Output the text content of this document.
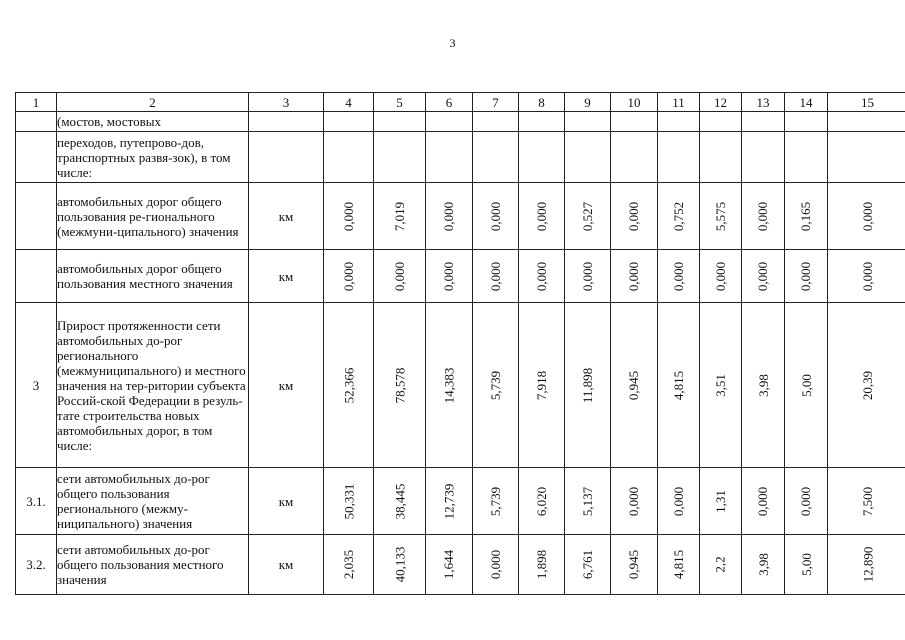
3
1	2	3	4	5	6	7	8	9	10	11	12	13	14	15
	(мостов, мостовых													
	переходов, путепрово-дов, транспортных развя-зок), в том числе:													
	автомобильных дорог общего пользования ре-гионального (межмуни-ципального) значения	км	0,000	7,019	0,000	0,000	0,000	0,527	0,000	0,752	5,575	0,000	0,165	0,000
	автомобильных дорог общего пользования местного значения	км	0,000	0,000	0,000	0,000	0,000	0,000	0,000	0,000	0,000	0,000	0,000	0,000
3	Прирост протяженности сети автомобильных до-рог регионального (межмуниципального) и местного значения на тер-ритории субъекта Россий-ской Федерации в резуль-тате строительства новых автомобильных дорог, в том числе:	км	52,366	78,578	14,383	5,739	7,918	11,898	0,945	4,815	3,51	3,98	5,00	20,39
3.1.	сети автомобильных до-рог общего пользования регионального (межму-ниципального) значения	км	50,331	38,445	12,739	5,739	6,020	5,137	0,000	0,000	1,31	0,000	0,000	7,500
3.2.	сети автомобильных до-рог общего пользования местного значения	км	2,035	40,133	1,644	0,000	1,898	6,761	0,945	4,815	2,2	3,98	5,00	12,890
